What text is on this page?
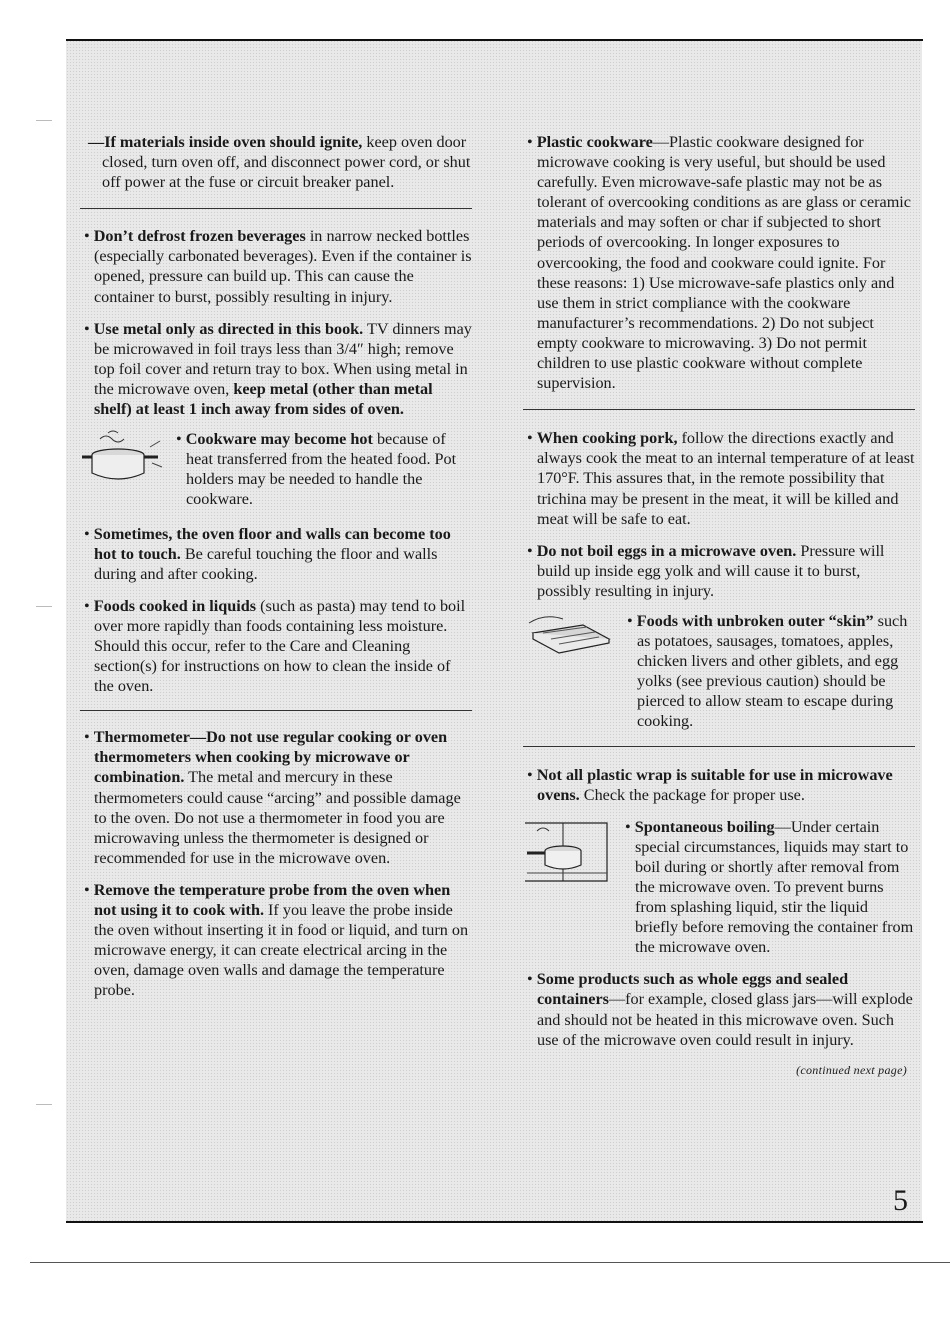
—If materials inside oven should ignite, keep oven door closed, turn oven off, and disconnect power cord, or shut off power at the fuse or circuit breaker panel.

• Don’t defrost frozen beverages in narrow necked bottles (especially carbonated beverages). Even if the container is opened, pressure can build up. This can cause the container to burst, possibly resulting in injury.

• Use metal only as directed in this book. TV dinners may be microwaved in foil trays less than 3/4″ high; remove top foil cover and return tray to box. When using metal in the microwave oven, keep metal (other than metal shelf) at least 1 inch away from sides of oven.

• Cookware may become hot because of heat transferred from the heated food. Pot holders may be needed to handle the cookware.

• Sometimes, the oven floor and walls can become too hot to touch. Be careful touching the floor and walls during and after cooking.

• Foods cooked in liquids (such as pasta) may tend to boil over more rapidly than foods containing less moisture. Should this occur, refer to the Care and Cleaning section(s) for instructions on how to clean the inside of the oven.

• Thermometer—Do not use regular cooking or oven thermometers when cooking by microwave or combination. The metal and mercury in these thermometers could cause “arcing” and possible damage to the oven. Do not use a thermometer in food you are microwaving unless the thermometer is designed or recommended for use in the microwave oven.

• Remove the temperature probe from the oven when not using it to cook with. If you leave the probe inside the oven without inserting it in food or liquid, and turn on microwave energy, it can create electrical arcing in the oven, damage oven walls and damage the temperature probe.

• Plastic cookware—Plastic cookware designed for microwave cooking is very useful, but should be used carefully. Even microwave-safe plastic may not be as tolerant of overcooking conditions as are glass or ceramic materials and may soften or char if subjected to short periods of overcooking. In longer exposures to overcooking, the food and cookware could ignite. For these reasons: 1) Use microwave-safe plastics only and use them in strict compliance with the cookware manufacturer’s recommendations. 2) Do not subject empty cookware to microwaving. 3) Do not permit children to use plastic cookware without complete supervision.

• When cooking pork, follow the directions exactly and always cook the meat to an internal temperature of at least 170°F. This assures that, in the remote possibility that trichina may be present in the meat, it will be killed and meat will be safe to eat.

• Do not boil eggs in a microwave oven. Pressure will build up inside egg yolk and will cause it to burst, possibly resulting in injury.

• Foods with unbroken outer “skin” such as potatoes, sausages, tomatoes, apples, chicken livers and other giblets, and egg yolks (see previous caution) should be pierced to allow steam to escape during cooking.

• Not all plastic wrap is suitable for use in microwave ovens. Check the package for proper use.

• Spontaneous boiling—Under certain special circumstances, liquids may start to boil during or shortly after removal from the microwave oven. To prevent burns from splashing liquid, stir the liquid briefly before removing the container from the microwave oven.

• Some products such as whole eggs and sealed containers—for example, closed glass jars—will explode and should not be heated in this microwave oven. Such use of the microwave oven could result in injury.

(continued next page)
5
